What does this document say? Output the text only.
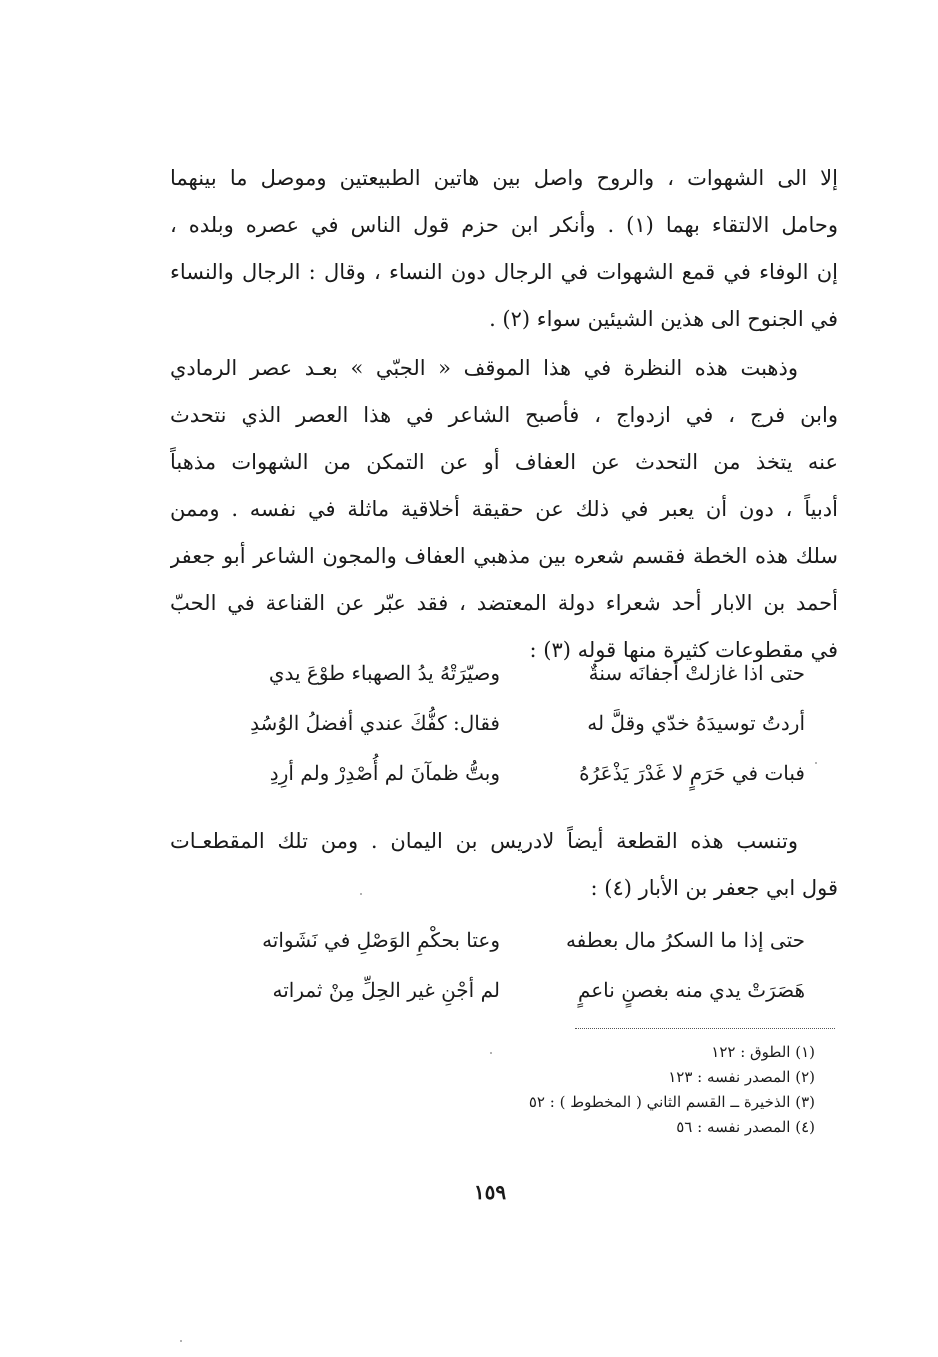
إلا الى الشهوات ، والروح واصل بين هاتين الطبيعتين وموصل ما بينهما
وحامل الالتقاء بهما (١) . وأنكر ابن حزم قول الناس في عصره وبلده ،
إن الوفاء في قمع الشهوات في الرجال دون النساء ، وقال : الرجال والنساء
في الجنوح الى هذين الشيئين سواء (٢) .
وذهبت هذه النظرة في هذا الموقف « الجبّي » بعـد عصر الرمادي
وابن فرج ، في ازدواج ، فأصبح الشاعر في هذا العصر الذي نتحدث
عنه يتخذ من التحدث عن العفاف أو عن التمكن من الشهوات مذهباً
أدبياً ، دون أن يعبر في ذلك عن حقيقة أخلاقية ماثلة في نفسه . وممن
سلك هذه الخطة فقسم شعره بين مذهبي العفاف والمجون الشاعر أبو جعفر
أحمد بن الابار أحد شعراء دولة المعتضد ، فقد عبّر عن القناعة في الحبّ
في مقطوعات كثيرة منها قوله (٣) :
حتى اذا غازلتْ أجفانَه سنةٌ
وصيّرَتْهُ يدُ الصهباء طوْعَ يدي
أردتُ توسيدَهُ خدّي وقلَّ له
فقال: كفُّكَ عندي أفضلُ الوُسُدِ
فبات في حَرَمٍ لا غَدْرَ يَذْعَرُهُ
وبتُّ ظمآنَ لم أُصْدِرْ ولم أرِدِ
وتنسب هذه القطعة أيضاً لادريس بن اليمان . ومن تلك المقطعـات
قول ابي جعفر بن الأبار (٤) :
حتى إذا ما السكرُ مال بعطفه
وعتا بحكْمِ الوَصْلِ في نَشَواته
هَصَرَتْ يدي منه بغصنٍ ناعمٍ
لم أجْنِ غير الحِلِّ مِنْ ثمراته
(١) الطوق : ١٢٢
(٢) المصدر نفسه : ١٢٣
(٣) الذخيرة ــ القسم الثاني ( المخطوط ) : ٥٢
(٤) المصدر نفسه : ٥٦
١٥٩
